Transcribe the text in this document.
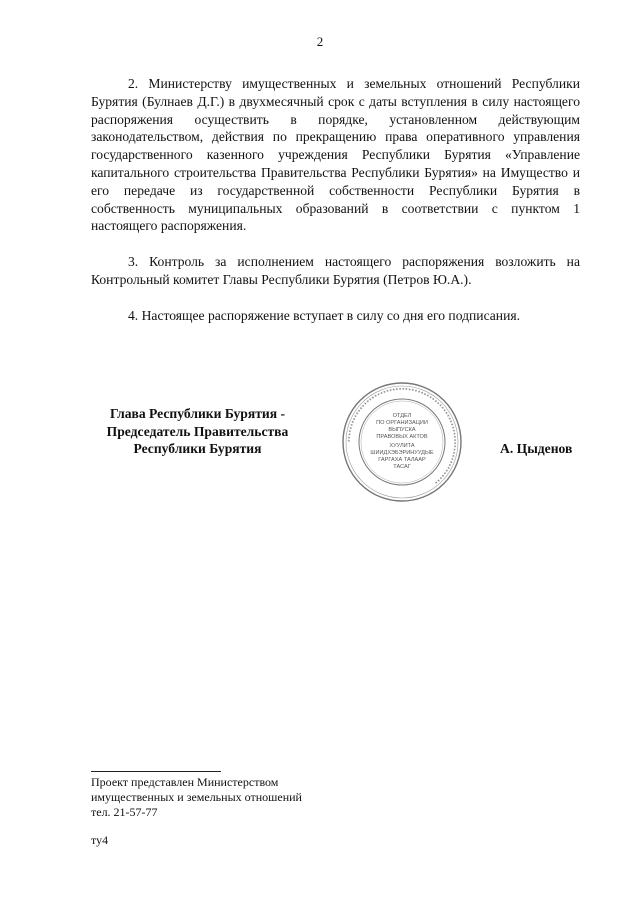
2

2. Министерству имущественных и земельных отношений Республики Бурятия (Булнаев Д.Г.) в двухмесячный срок с даты вступления в силу настоящего распоряжения осуществить в порядке, установленном действующим законодательством, действия по прекращению права оперативного управления государственного казенного учреждения Республики Бурятия «Управление капитального строительства Правительства Республики Бурятия» на Имущество и его передаче из государственной собственности Республики Бурятия в собственность муниципальных образований в соответствии с пунктом 1 настоящего распоряжения.

3. Контроль за исполнением настоящего распоряжения возложить на Контрольный комитет Главы Республики Бурятия (Петров Ю.А.).

4. Настоящее распоряжение вступает в силу со дня его подписания.

Глава Республики Бурятия -
Председатель Правительства
Республики Бурятия
*******************************************************************
ОТДЕЛ
ПО ОРГАНИЗАЦИИ
ВЫПУСКА
ПРАВОВЫХ АКТОВ
ХУУЛИТА
ШИИДХЭБЭРИНУУДЫЕ
ГАРГАХА ТАЛААР
ТАСАГ
А. Цыденов
Проект представлен Министерством
имущественных и земельных отношений
тел. 21-57-77
ту4
